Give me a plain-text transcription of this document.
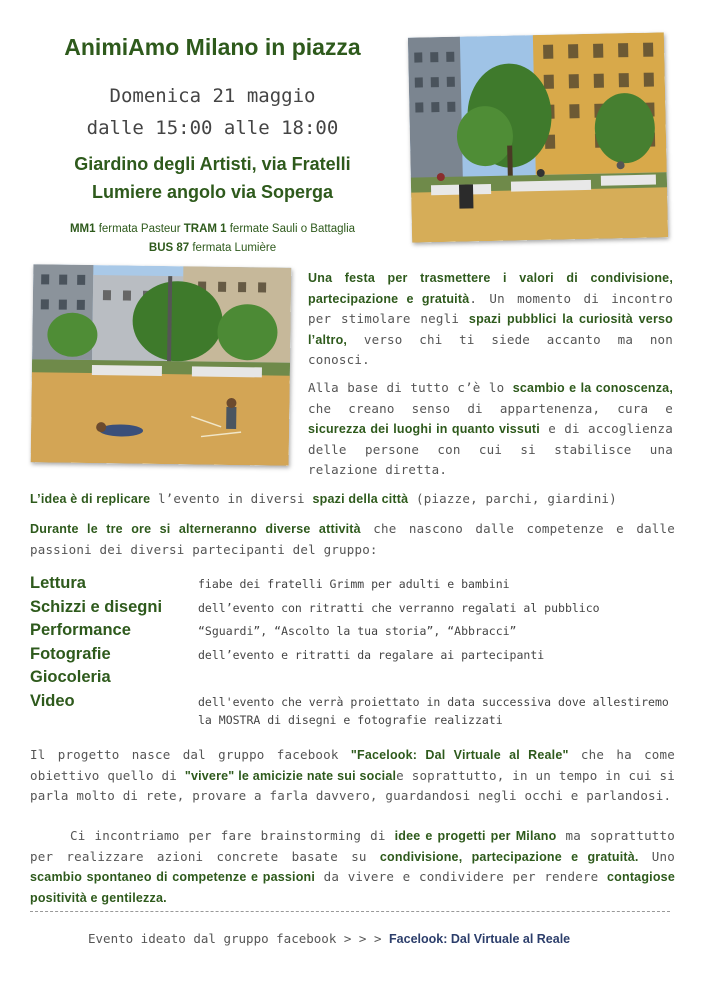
AnimiAmo Milano in piazza
Domenica 21 maggio
dalle 15:00 alle 18:00
Giardino degli Artisti, via Fratelli
Lumiere angolo via Soperga
MM1 fermata Pasteur TRAM 1 fermate Sauli o Battaglia
BUS 87 fermata Lumière

Una festa per trasmettere i valori di condivisione, partecipazione e gratuità. Un momento di incontro per stimolare negli spazi pubblici la curiosità verso l’altro, verso chi ti siede accanto ma non conosci.

Alla base di tutto c’è lo scambio e la conoscenza, che creano senso di appartenenza, cura e sicurezza dei luoghi in quanto vissuti e di accoglienza delle persone con cui si stabilisce una relazione diretta.

L’idea è di replicare l’evento in diversi spazi della città (piazze, parchi, giardini)

Durante le tre ore si alterneranno diverse attività che nascono dalle competenze e dalle passioni dei diversi partecipanti del gruppo:

Lettura	fiabe dei fratelli Grimm per adulti e bambini
Schizzi e disegni	dell’evento con ritratti che verranno regalati al pubblico
Performance	“Sguardi”, “Ascolto la tua storia”, “Abbracci”
Fotografie	dell’evento e ritratti da regalare ai partecipanti
Giocoleria
Video	dell'evento che verrà proiettato in data successiva dove allestiremo la MOSTRA di disegni e fotografie realizzati

Il progetto nasce dal gruppo facebook "Facelook: Dal Virtuale al Reale" che ha come obiettivo quello di "vivere" le amicizie nate sui sociale soprattutto, in un tempo in cui si parla molto di rete, provare a farla davvero, guardandosi negli occhi e parlandosi.

Ci incontriamo per fare brainstorming di idee e progetti per Milano ma soprattutto per realizzare azioni concrete basate su condivisione, partecipazione e gratuità. Uno scambio spontaneo di competenze e passioni da vivere e condividere per rendere contagiose positività e gentilezza.

Evento ideato dal gruppo facebook > > > Facelook: Dal Virtuale al Reale
